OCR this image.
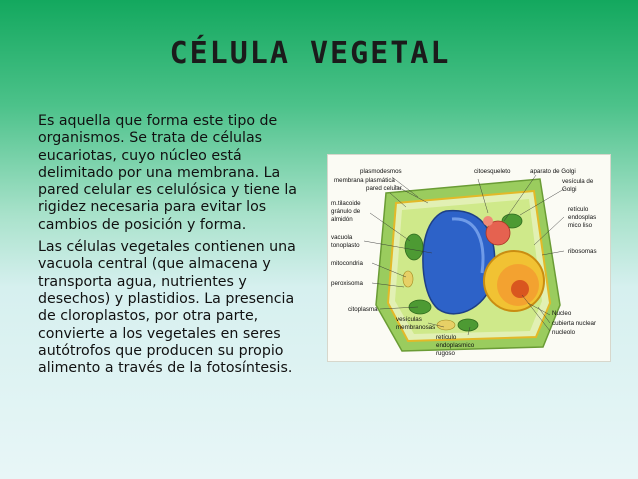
CÉLULA VEGETAL

Es aquella que forma este tipo de organismos. Se trata de células eucariotas, cuyo núcleo está delimitado por una membrana. La pared celular es celulósica y tiene la rigidez necesaria para evitar los cambios de posición y forma.

Las células vegetales contienen una vacuola central (que almacena y transporta agua, nutrientes y desechos) y plastidios. La presencia de cloroplastos, por otra parte, convierte a los vegetales en seres autótrofos que producen su propio alimento a través de la fotosíntesis.

plasmodesmos
membrana plasmática
pared celular
citoesqueleto	aparato de Golgi
vesícula de
Golgi
m.tilacoide
gránulo de
almidón
vacuola
tonoplasto
mitocondria
peroxisoma
citoplasma
retículo
endosplas
mico liso
ribosomas
Nucleo
cubierta nuclear
nucleolo
vesículas
membranosas
retículo
endoplasmico
rugoso
